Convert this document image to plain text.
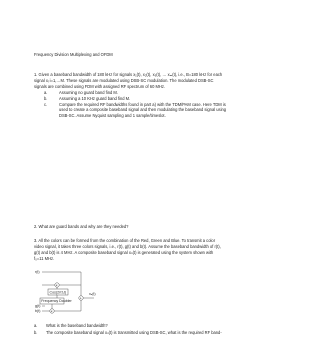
Frequency Division Multiplexing and OFDM
1. Given a baseband bandwidth of 180 kHz for signals x₁(t), x₂(t), x₃(t), … xₘ(t), i.e., B=180 kHz for each
signal xᵢ i=1,…M. These signals are modulated using DSB-SC modulation. The modulated DSB-SC
signals are combined using FDM with assigned RF spectrum of 60 MHz.
a.	Assuming no guard band find M.
b.	Assuming a 10 KHz guard band find M.
c.	Compare the required RF bandwidths found in part a) with the TDM/PAM case. Here TDM is used to create a composite baseband signal and then modulating the baseband signal using DSB-SC. Assume Nyquist sampling and 1 sample/timeslot.
2. What are guard bands and why are they needed?
3. All the colors can be formed from the combination of the Red, Green and Blue. To transmit a color
video signal, it takes three colors signals, i.e., r(t), g(t) and b(t). Assume the baseband bandwidth of r(t),
g(t) and b(t) is 4 MHz. A composite baseband signal xₙ(t) is generated using the system shown with
f₀=11 MHz.
r(t)
×
Cos(2πf₀t)
Frequency Doubler
b(t)	×
g(t)
+
xₙ(t)
a. What is the baseband bandwidth?
b. The composite baseband signal xₙ(t) is transmitted using DSB-SC, what is the required RF band-
